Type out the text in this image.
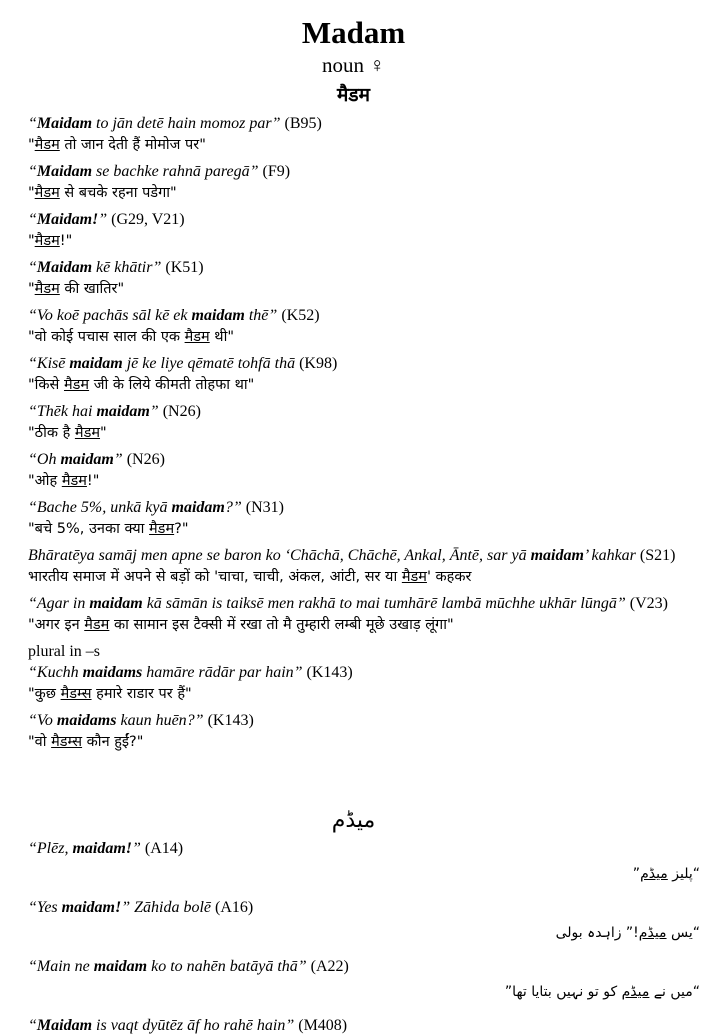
Madam
noun ♀
मैडम
“Maidam to jān detē hain momoz par” (B95)
"मैडम तो जान देती हैं मोमोज पर"
“Maidam se bachke rahnā paregā” (F9)
"मैडम से बचके रहना पडेगा"
“Maidam!” (G29, V21)
"मैडम!"
“Maidam kē khātir” (K51)
"मैडम की खातिर"
“Vo koē pachās sāl kē ek maidam thē” (K52)
"वो कोई पचास साल की एक मैडम थी"
“Kisē maidam jē ke liye qēmatē tohfā thā (K98)
"किसे मैडम जी के लिये कीमती तोहफा था"
“Thēk hai maidam” (N26)
"ठीक है मैडम"
“Oh maidam” (N26)
"ओह मैडम!"
“Bache 5%, unkā kyā maidam?” (N31)
"बचे 5%, उनका क्या मैडम?"
Bhāratēya samāj men apne se baron ko ‘Chāchā, Chāchē, Ankal, Āntē, sar yā maidam’ kahkar (S21)
भारतीय समाज में अपने से बड़ों को 'चाचा, चाची, अंकल, आंटी, सर या मैडम' कहकर
“Agar in maidam kā sāmān is taiksē men rakhā to mai tumhārē lambā mūchhe ukhār lūngā” (V23)
"अगर इन मैडम का सामान इस टैक्सी में रखा तो मै तुम्हारी लम्बी मूछे उखाड़ लूंगा"
plural in –s
“Kuchh maidams hamāre rādār par hain” (K143)
"कुछ मैडम्स हमारे राडार पर हैं"
“Vo maidams kaun huēn?” (K143)
"वो मैडम्स कौन हुईं?"
میڈم
“Plēz, maidam!” (A14)
“پلیز میڈم”
“Yes maidam!” Zāhida bolē (A16)
“یس میڈم!” زاہدہ بولی
“Main ne maidam ko to nahēn batāyā thā” (A22)
“میں نے میڈم کو تو نہیں بتایا تھا”
“Maidam is vaqt dyūtēz āf ho rahē hain” (M408)
